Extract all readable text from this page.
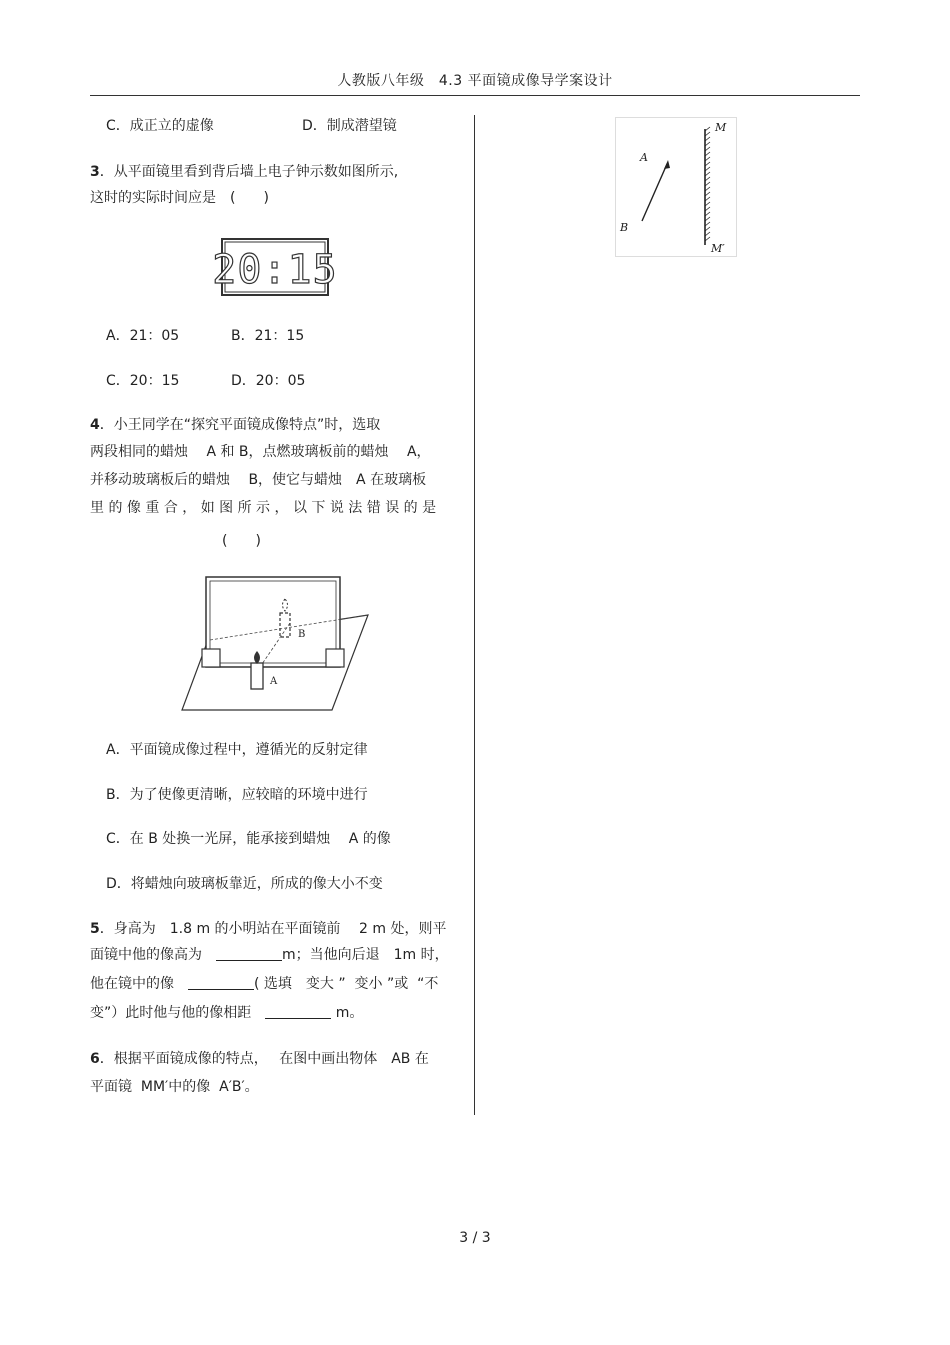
人教版八年级　4.3 平面镜成像导学案设计
C．成正立的虚像	D．制成潜望镜
3．从平面镜里看到背后墙上电子钟示数如图所示,
这时的实际时间应是　(　　)
20:15
A．21：05	B．21：15
C．20：15	D．20：05
4．小王同学在“探究平面镜成像特点”时，选取
两段相同的蜡烛　 A 和 B，点燃玻璃板前的蜡烛　 A，
并移动玻璃板后的蜡烛　 B，使它与蜡烛　A 在玻璃板
里 的 像 重 合 ， 如 图 所 示 ， 以 下 说 法 错 误 的 是
(　　)
B
A
A．平面镜成像过程中，遵循光的反射定律
B．为了使像更清晰，应较暗的环境中进行
C．在 B 处换一光屏，能承接到蜡烛　 A 的像
D．将蜡烛向玻璃板靠近，所成的像大小不变
5．身高为　1.8 m 的小明站在平面镜前　 2 m 处，则平
面镜中他的像高为　	m；当他向后退　1m 时，
他在镜中的像　	( 选填　变大 ”  变小 ”或  “不
变”）此时他与他的像相距　	m。
6．根据平面镜成像的特点，　 在图中画出物体　AB 在
平面镜  MM′中的像  A′B′。
A
B
M
M′
3 / 3
